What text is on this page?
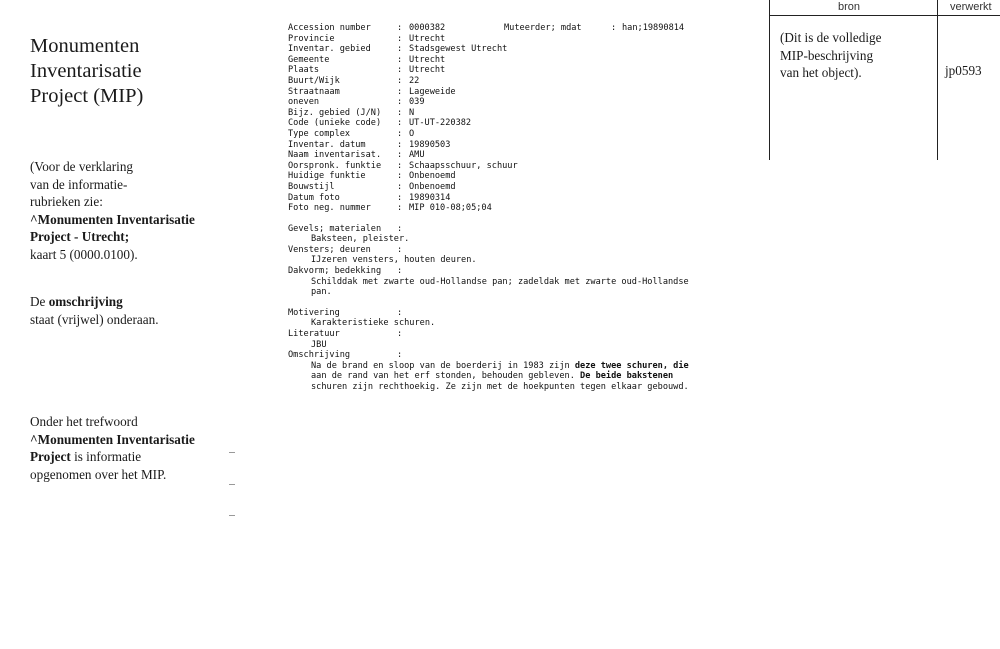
Monumenten
Inventarisatie
Project (MIP)
(Voor de verklaring
van de informatie-
rubrieken zie:
^Monumenten Inventarisatie
Project - Utrecht;
kaart 5 (0000.0100).
De omschrijving
staat (vrijwel) onderaan.
Onder het trefwoord
^Monumenten Inventarisatie
Project is informatie
opgenomen over het MIP.
Accession number	: 0000382	Muteerder; mdat	: han;19890814
Provincie	: Utrecht
Inventar. gebied	: Stadsgewest Utrecht
Gemeente	: Utrecht
Plaats	: Utrecht
Buurt/Wijk	: 22
Straatnaam	: Lageweide
oneven	: 039
Bijz. gebied (J/N) : N
Code (unieke code) : UT-UT-220382
Type complex	: O
Inventar. datum	: 19890503
Naam inventarisat. : AMU
Oorspronk. funktie : Schaapsschuur, schuur
Huidige funktie	: Onbenoemd
Bouwstijl	: Onbenoemd
Datum foto	: 19890314
Foto neg. nummer	: MIP 010-08;05;04
Gevels; materialen :
Baksteen, pleister.
Vensters; deuren	:
IJzeren vensters, houten deuren.
Dakvorm; bedekking :
Schilddak met zwarte oud-Hollandse pan; zadeldak met zwarte oud-Hollandse
pan.
Motivering	:
Karakteristieke schuren.
Literatuur	:
JBU
Omschrijving	:
Na de brand en sloop van de boerderij in 1983 zijn deze twee schuren, die
aan de rand van het erf stonden, behouden gebleven. De beide bakstenen
schuren zijn rechthoekig. Ze zijn met de hoekpunten tegen elkaar gebouwd.
bron	verwerkt
(Dit is de volledige
MIP-beschrijving
van het object).	jp0593
